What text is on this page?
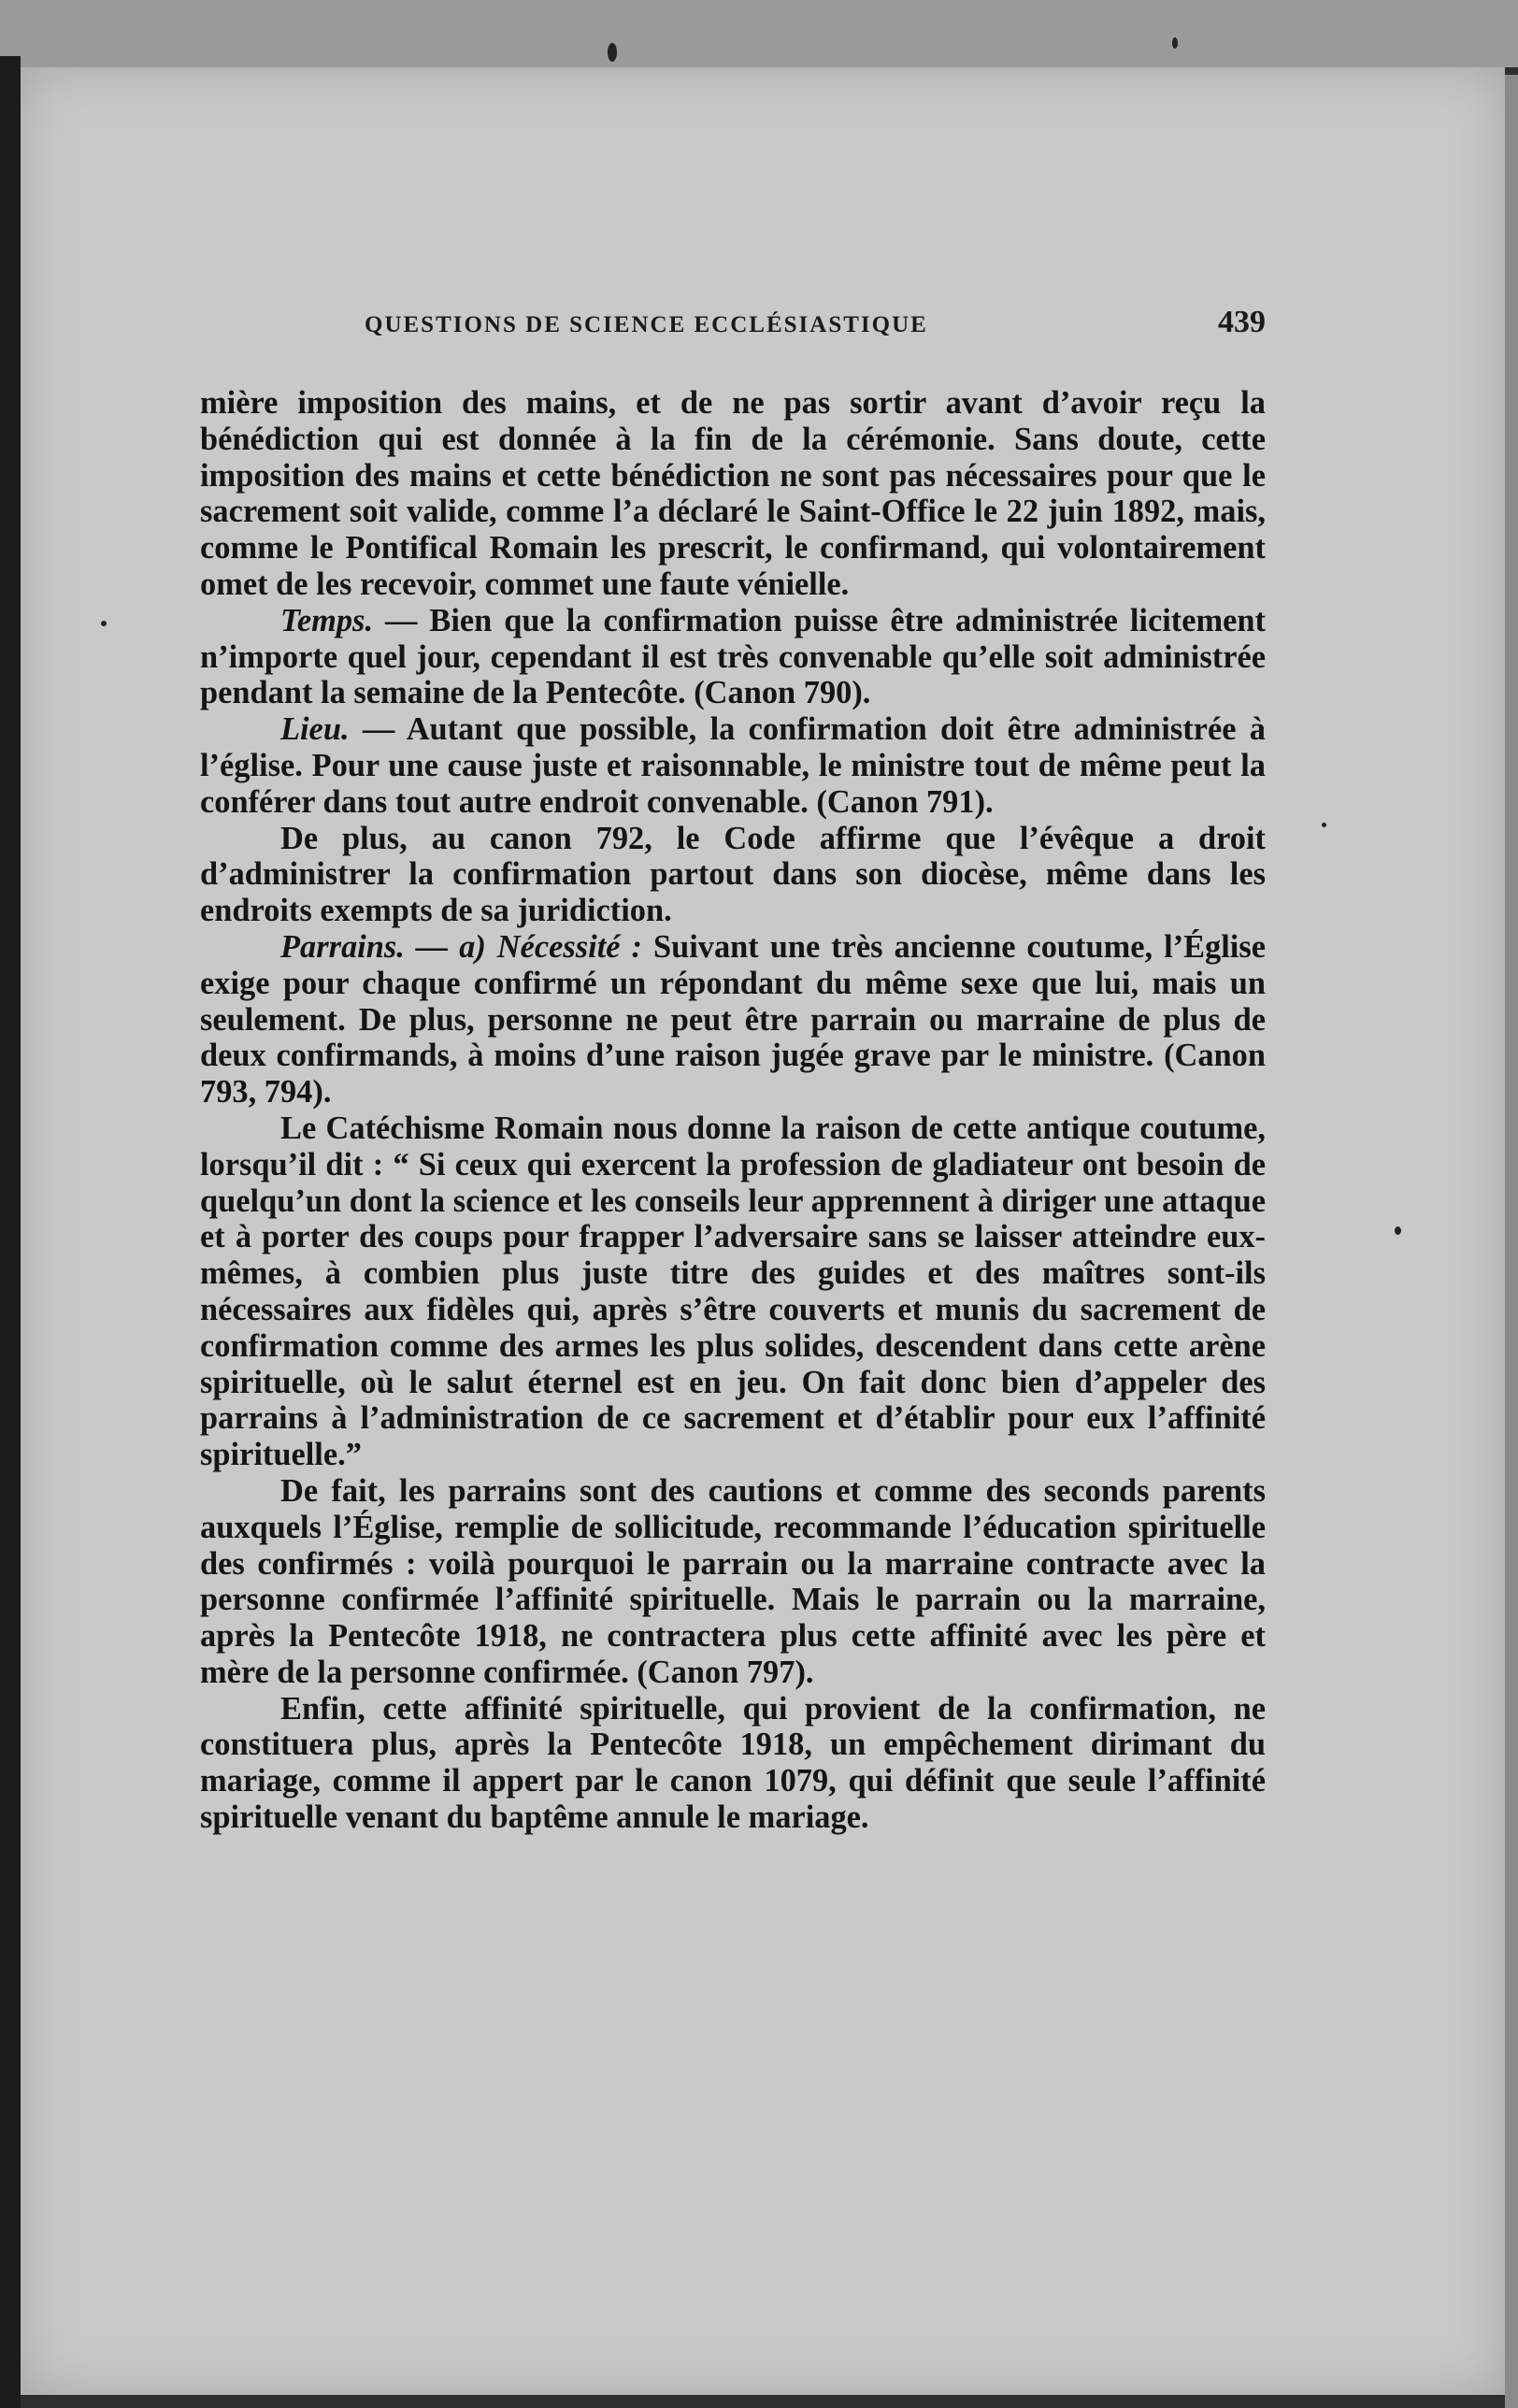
QUESTIONS DE SCIENCE ECCLÉSIASTIQUE	439

mière imposition des mains, et de ne pas sortir avant d’avoir reçu la bénédiction qui est donnée à la fin de la cérémonie. Sans doute, cette imposition des mains et cette bénédiction ne sont pas nécessaires pour que le sacrement soit valide, comme l’a déclaré le Saint-Office le 22 juin 1892, mais, comme le Pontifical Romain les prescrit, le confirmand, qui volontairement omet de les recevoir, commet une faute vénielle.

Temps. — Bien que la confirmation puisse être administrée licitement n’importe quel jour, cependant il est très convenable qu’elle soit administrée pendant la semaine de la Pentecôte. (Canon 790).

Lieu. — Autant que possible, la confirmation doit être administrée à l’église. Pour une cause juste et raisonnable, le ministre tout de même peut la conférer dans tout autre endroit convenable. (Canon 791).

De plus, au canon 792, le Code affirme que l’évêque a droit d’administrer la confirmation partout dans son diocèse, même dans les endroits exempts de sa juridiction.

Parrains. — a) Nécessité : Suivant une très ancienne coutume, l’Église exige pour chaque confirmé un répondant du même sexe que lui, mais un seulement. De plus, personne ne peut être parrain ou marraine de plus de deux confirmands, à moins d’une raison jugée grave par le ministre. (Canon 793, 794).

Le Catéchisme Romain nous donne la raison de cette antique coutume, lorsqu’il dit : “ Si ceux qui exercent la profession de gladiateur ont besoin de quelqu’un dont la science et les conseils leur apprennent à diriger une attaque et à porter des coups pour frapper l’adversaire sans se laisser atteindre eux-mêmes, à combien plus juste titre des guides et des maîtres sont-ils nécessaires aux fidèles qui, après s’être couverts et munis du sacrement de confirmation comme des armes les plus solides, descendent dans cette arène spirituelle, où le salut éternel est en jeu. On fait donc bien d’appeler des parrains à l’administration de ce sacrement et d’établir pour eux l’affinité spirituelle.”

De fait, les parrains sont des cautions et comme des seconds parents auxquels l’Église, remplie de sollicitude, recommande l’éducation spirituelle des confirmés : voilà pourquoi le parrain ou la marraine contracte avec la personne confirmée l’affinité spirituelle. Mais le parrain ou la marraine, après la Pentecôte 1918, ne contractera plus cette affinité avec les père et mère de la personne confirmée. (Canon 797).

Enfin, cette affinité spirituelle, qui provient de la confirmation, ne constituera plus, après la Pentecôte 1918, un empêchement dirimant du mariage, comme il appert par le canon 1079, qui définit que seule l’affinité spirituelle venant du baptême annule le mariage.
